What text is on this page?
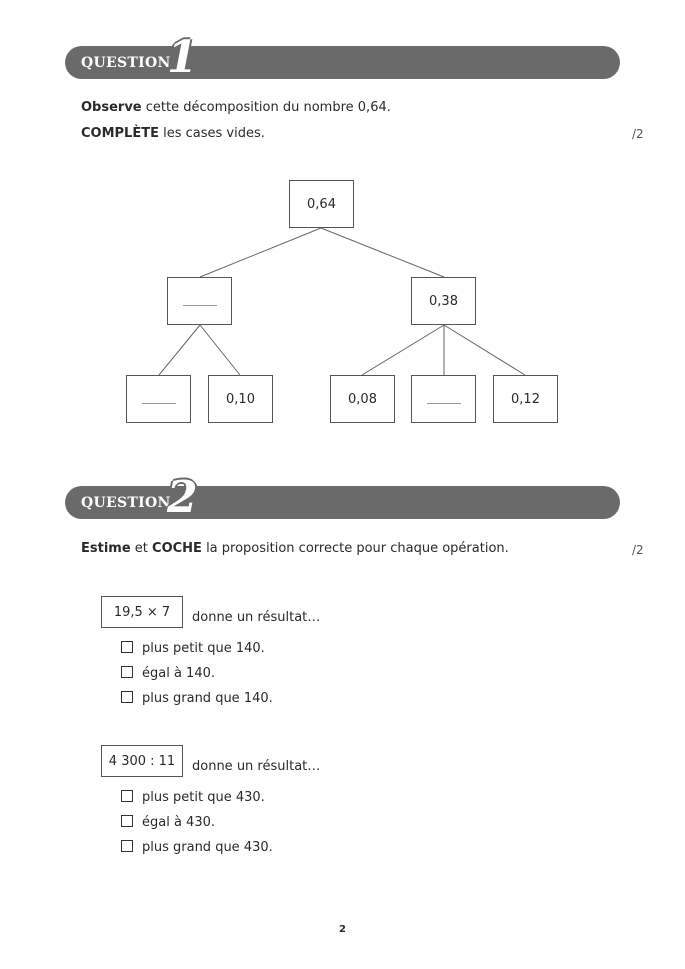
QUESTION
1
Observe cette décomposition du nombre 0,64.
COMPLÈTE les cases vides.	/2
0,64
0,38
0,10	0,08	0,12
QUESTION
2
Estime et COCHE la proposition correcte pour chaque opération.	/2
19,5 × 7 donne un résultat…
plus petit que 140.
égal à 140.
plus grand que 140.
4 300 : 11 donne un résultat…
plus petit que 430.
égal à 430.
plus grand que 430.
2
